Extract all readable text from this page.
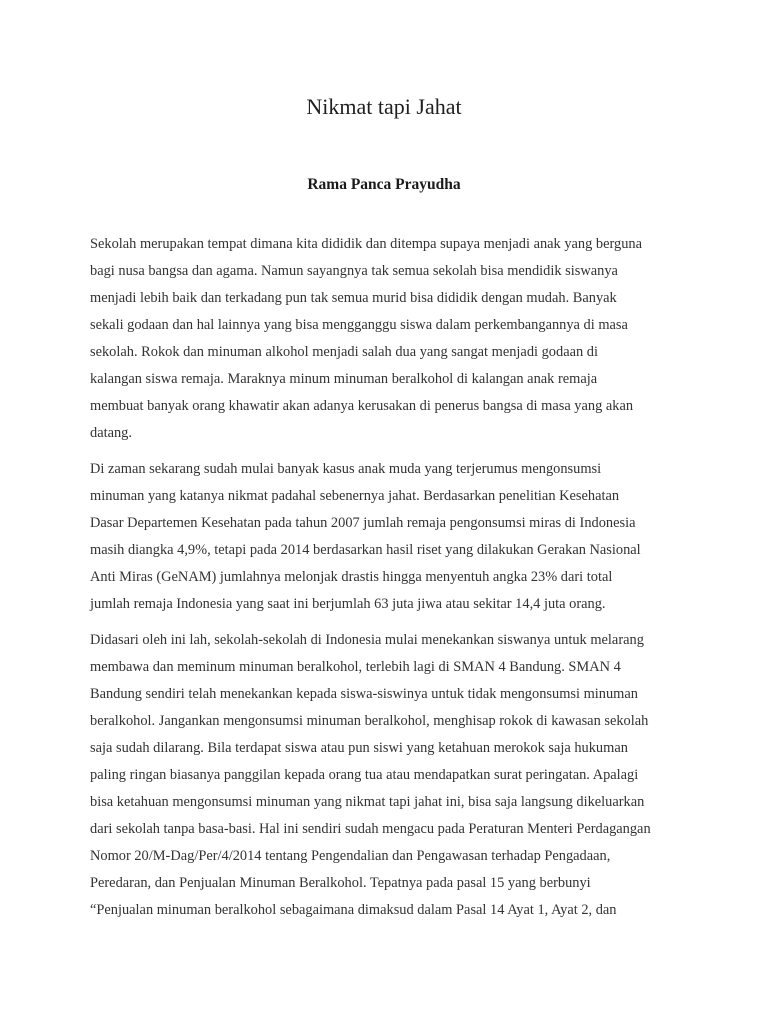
Nikmat tapi Jahat
Rama Panca Prayudha

Sekolah merupakan tempat dimana kita dididik dan ditempa supaya menjadi anak yang berguna
bagi nusa bangsa dan agama. Namun sayangnya tak semua sekolah bisa mendidik siswanya
menjadi lebih baik dan terkadang pun tak semua murid bisa dididik dengan mudah. Banyak
sekali godaan dan hal lainnya yang bisa mengganggu siswa dalam perkembangannya di masa
sekolah. Rokok dan minuman alkohol menjadi salah dua yang sangat menjadi godaan di
kalangan siswa remaja. Maraknya minum minuman beralkohol di kalangan anak remaja
membuat banyak orang khawatir akan adanya kerusakan di penerus bangsa di masa yang akan
datang.

Di zaman sekarang sudah mulai banyak kasus anak muda yang terjerumus mengonsumsi
minuman yang katanya nikmat padahal sebenernya jahat. Berdasarkan penelitian Kesehatan
Dasar Departemen Kesehatan pada tahun 2007 jumlah remaja pengonsumsi miras di Indonesia
masih diangka 4,9%, tetapi pada 2014 berdasarkan hasil riset yang dilakukan Gerakan Nasional
Anti Miras (GeNAM) jumlahnya melonjak drastis hingga menyentuh angka 23% dari total
jumlah remaja Indonesia yang saat ini berjumlah 63 juta jiwa atau sekitar 14,4 juta orang.

Didasari oleh ini lah, sekolah-sekolah di Indonesia mulai menekankan siswanya untuk melarang
membawa dan meminum minuman beralkohol, terlebih lagi di SMAN 4 Bandung. SMAN 4
Bandung sendiri telah menekankan kepada siswa-siswinya untuk tidak mengonsumsi minuman
beralkohol. Jangankan mengonsumsi minuman beralkohol, menghisap rokok di kawasan sekolah
saja sudah dilarang. Bila terdapat siswa atau pun siswi yang ketahuan merokok saja hukuman
paling ringan biasanya panggilan kepada orang tua atau mendapatkan surat peringatan. Apalagi
bisa ketahuan mengonsumsi minuman yang nikmat tapi jahat ini, bisa saja langsung dikeluarkan
dari sekolah tanpa basa-basi. Hal ini sendiri sudah mengacu pada Peraturan Menteri Perdagangan
Nomor 20/M-Dag/Per/4/2014 tentang Pengendalian dan Pengawasan terhadap Pengadaan,
Peredaran, dan Penjualan Minuman Beralkohol. Tepatnya pada pasal 15 yang berbunyi
“Penjualan minuman beralkohol sebagaimana dimaksud dalam Pasal 14 Ayat 1, Ayat 2, dan
